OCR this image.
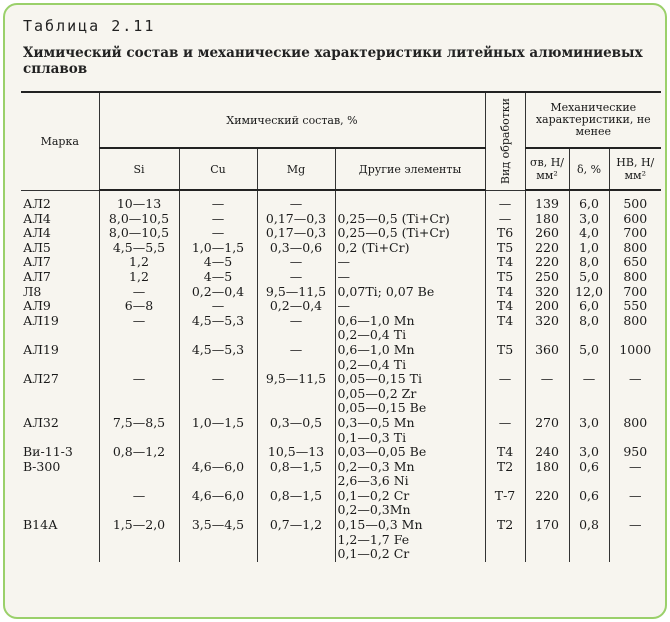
Таблица 2.11
Химический состав и механические характеристики литейных алюминиевых сплавов
Марка	Химический состав, %				Вид обработки	Механические характеристики, не менее		
	Si	Cu	Mg	Другие элементы		σв, Н/мм²	δ, %	HB, Н/мм²

АЛ2	10—13	—	—		—	139	6,0	500
АЛ4	8,0—10,5	—	0,17—0,3	0,25—0,5 (Ti+Cr)	—	180	3,0	600
АЛ4	8,0—10,5	—	0,17—0,3	0,25—0,5 (Ti+Cr)	Т6	260	4,0	700
АЛ5	4,5—5,5	1,0—1,5	0,3—0,6	0,2 (Ti+Cr)	Т5	220	1,0	800
АЛ7	1,2	4—5	—	—	Т4	220	8,0	650
АЛ7	1,2	4—5	—	—	Т5	250	5,0	800
Л8	—	0,2—0,4	9,5—11,5	0,07Ti; 0,07 Be	Т4	320	12,0	700
АЛ9	6—8	—	0,2—0,4	—	Т4	200	6,0	550
АЛ19	—	4,5—5,3	—	0,6—1,0 Mn
0,2—0,4 Ti	Т4	320	8,0	800
АЛ19		4,5—5,3	—	0,6—1,0 Mn
0,2—0,4 Ti	Т5	360	5,0	1000
АЛ27	—	—	9,5—11,5	0,05—0,15 Ti
0,05—0,2 Zr
0,05—0,15 Be	—	—	—	—
АЛ32	7,5—8,5	1,0—1,5	0,3—0,5	0,3—0,5 Mn
0,1—0,3 Ti	—	270	3,0	800
Ви-11-3	0,8—1,2		10,5—13	0,03—0,05 Be	Т4	240	3,0	950
В-300		4,6—6,0	0,8—1,5	0,2—0,3 Mn
2,6—3,6 Ni	Т2	180	0,6	—
	—	4,6—6,0	0,8—1,5	0,1—0,2 Cr
0,2—0,3Mn	Т-7	220	0,6	—
В14А	1,5—2,0	3,5—4,5	0,7—1,2	0,15—0,3 Mn
1,2—1,7 Fe
0,1—0,2 Cr	Т2	170	0,8	—
